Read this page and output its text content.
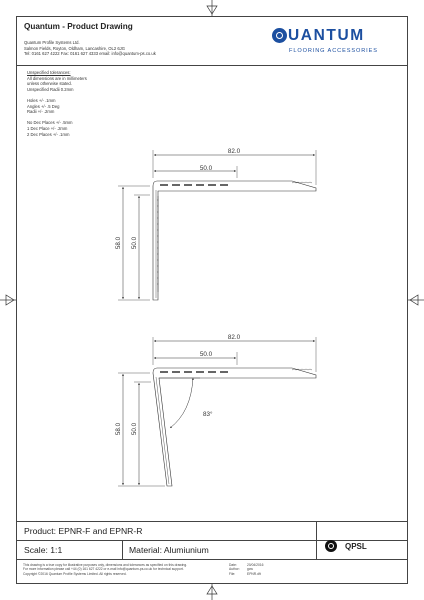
Quantum - Product Drawing
Quantum Profile Systems Ltd.
Salmon Fields, Royton, Oldham, Lancashire, OL2 6JG
Tel: 0161 627 4222 Fax: 0161 627 4333 email: info@quantum-ps.co.uk
UANTUM
FLOORING ACCESSORIES

Unspecified tolerances:

All dimensions are in millimeters

unless otherwise stated.

Unspecified Radii 0.2mm

Holes +/- .1mm

Angles +/- .5 Deg

Radii +/- .2mm

No Dec Places +/- .5mm

1 Dec Place +/- .2mm

2 Dec Places +/- .1mm

82.0
50.0
58.0 50.0
82.0
50.0
58.0 50.0
83°
Product: EPNR-F and EPNR-R
Scale: 1:1	Material: Alumiunium	QPSL
This drawing is a true copy for illustrative purposes only, dimensions and tolerances as specified on this drawing.
For more information please call +44 (0) 161 627 4222 or e-mail info@quantum-ps.co.uk for technical support.
Copyright ©2016 Quantum Profile Systems Limited. All rights reserved.
Date:	20/04/2016
Author: gcw
File:	EPNR.dft
